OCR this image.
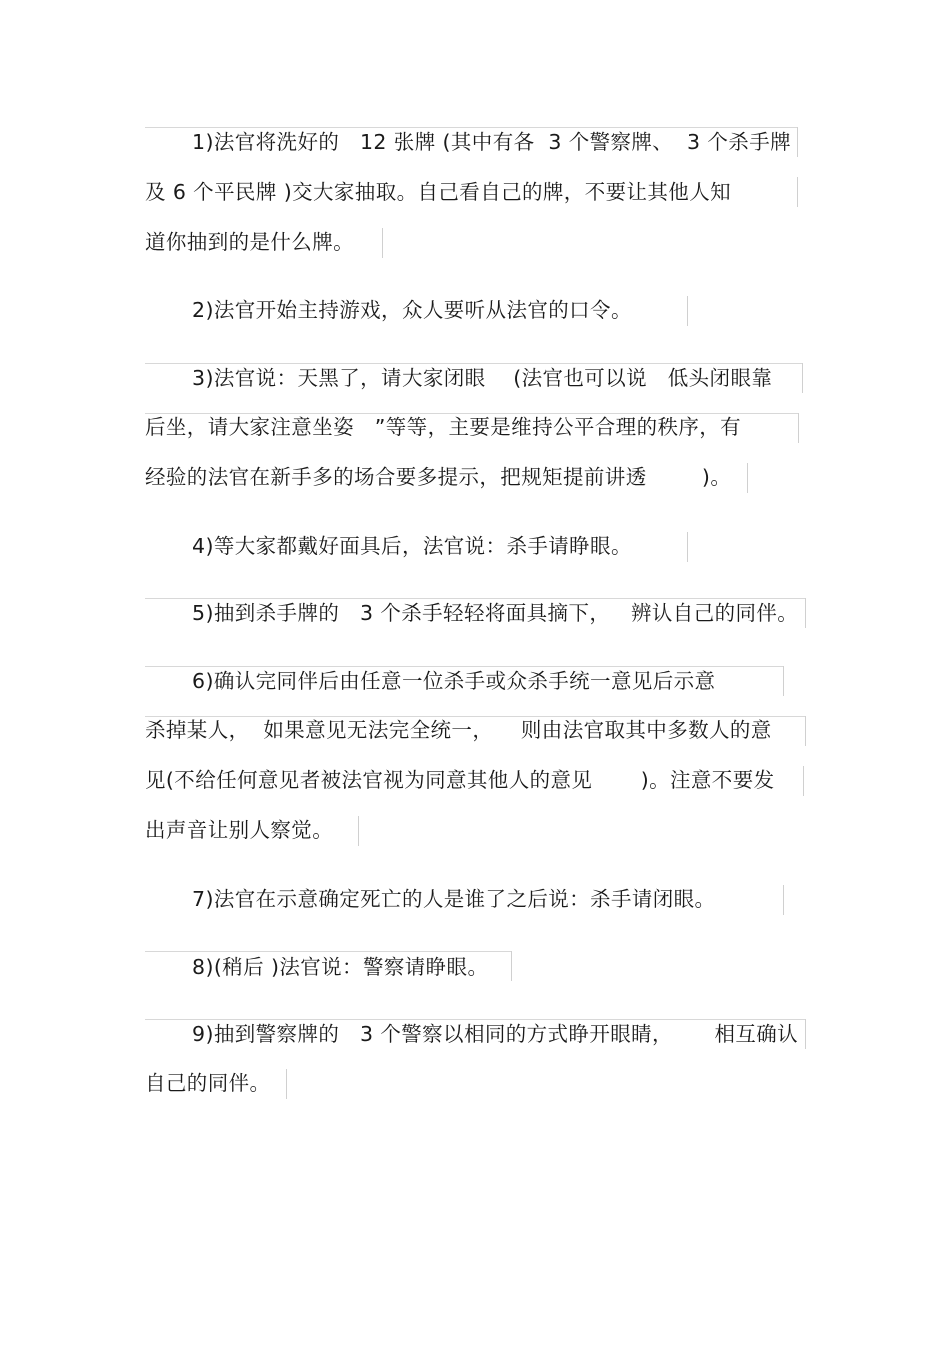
1)法官将洗好的   12 张牌 (其中有各  3 个警察牌、  3 个杀手牌
及 6 个平民牌 )交大家抽取。自己看自己的牌，不要让其他人知
道你抽到的是什么牌。
2)法官开始主持游戏，众人要听从法官的口令。
3)法官说：天黑了，请大家闭眼    (法官也可以说   低头闭眼靠
后坐，请大家注意坐姿   ”等等，主要是维持公平合理的秩序，有
经验的法官在新手多的场合要多提示，把规矩提前讲透        )。
4)等大家都戴好面具后，法官说：杀手请睁眼。
5)抽到杀手牌的   3 个杀手轻轻将面具摘下，   辨认自己的同伴。
6)确认完同伴后由任意一位杀手或众杀手统一意见后示意
杀掉某人，  如果意见无法完全统一，    则由法官取其中多数人的意
见(不给任何意见者被法官视为同意其他人的意见       )。注意不要发
出声音让别人察觉。
7)法官在示意确定死亡的人是谁了之后说：杀手请闭眼。
8)(稍后 )法官说：警察请睁眼。
9)抽到警察牌的   3 个警察以相同的方式睁开眼睛，      相互确认
自己的同伴。
